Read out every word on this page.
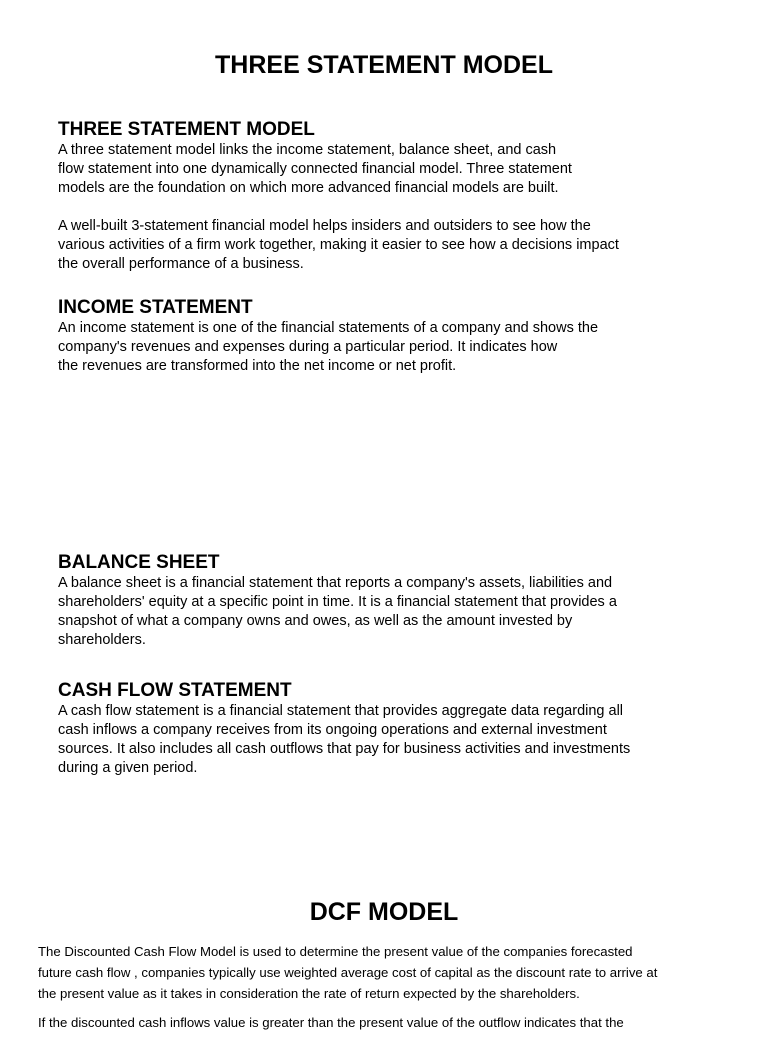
THREE STATEMENT MODEL
THREE STATEMENT MODEL

A three statement model links the income statement, balance sheet, and cash
flow statement into one dynamically connected financial model. Three statement
models are the foundation on which more advanced financial models are built.

A well-built 3-statement financial model helps insiders and outsiders to see how the
various activities of a firm work together, making it easier to see how a decisions impact
the overall performance of a business.

INCOME STATEMENT

An income statement is one of the financial statements of a company and shows the
company's revenues and expenses during a particular period. It indicates how
the revenues are transformed into the net income or net profit.

BALANCE SHEET

A balance sheet is a financial statement that reports a company's assets, liabilities and
shareholders' equity at a specific point in time. It is a financial statement that provides a
snapshot of what a company owns and owes, as well as the amount invested by
shareholders.

CASH FLOW STATEMENT

A cash flow statement is a financial statement that provides aggregate data regarding all
cash inflows a company receives from its ongoing operations and external investment
sources. It also includes all cash outflows that pay for business activities and investments
during a given period.

DCF MODEL

The Discounted Cash Flow Model is used to determine the present value of the companies forecasted
future cash flow , companies typically use weighted average cost of capital as the discount rate to arrive at
the present value as it takes in consideration the rate of return expected by the shareholders.

If the discounted cash inflows value is greater than the present value of the outflow indicates that the
